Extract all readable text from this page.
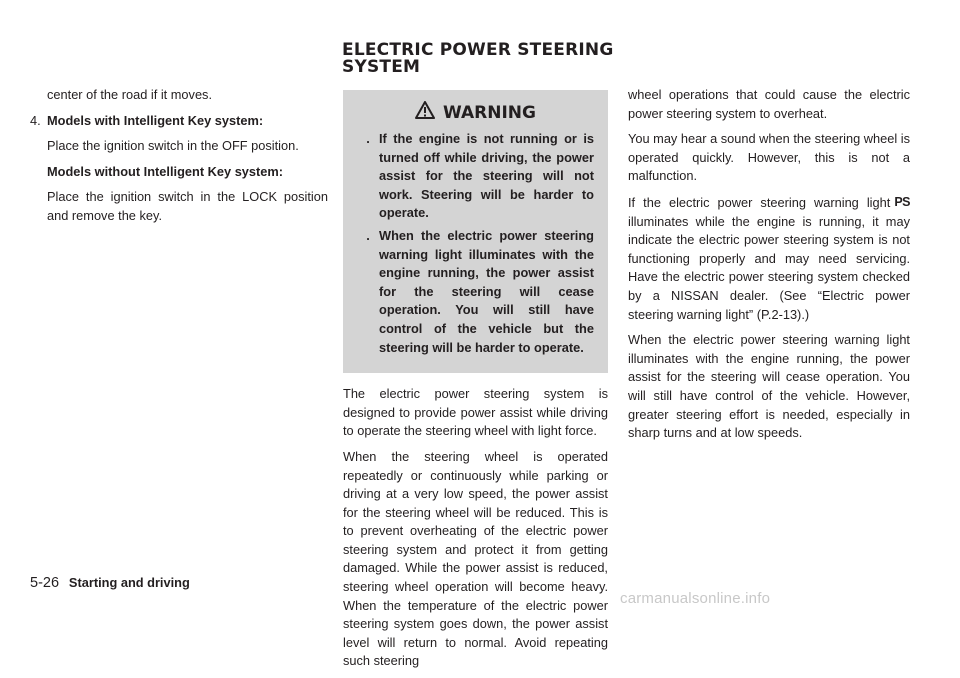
ELECTRIC POWER STEERING SYSTEM

center of the road if it moves.

4. Models with Intelligent Key system:

Place the ignition switch in the OFF position.

Models without Intelligent Key system:

Place the ignition switch in the LOCK position and remove the key.

WARNING
. If the engine is not running or is turned off while driving, the power assist for the steering will not work. Steering will be harder to operate.
. When the electric power steering warning light illuminates with the engine running, the power assist for the steering will cease operation. You will still have control of the vehicle but the steering will be harder to operate.

The electric power steering system is designed to provide power assist while driving to operate the steering wheel with light force.

When the steering wheel is operated repeatedly or continuously while parking or driving at a very low speed, the power assist for the steering wheel will be reduced. This is to prevent overheating of the electric power steering system and protect it from getting damaged. While the power assist is reduced, steering wheel operation will become heavy. When the temperature of the electric power steering system goes down, the power assist level will return to normal. Avoid repeating such steering

wheel operations that could cause the electric power steering system to overheat.

You may hear a sound when the steering wheel is operated quickly. However, this is not a malfunction.

If the electric power steering warning light PS illuminates while the engine is running, it may indicate the electric power steering system is not functioning properly and may need servicing. Have the electric power steering system checked by a NISSAN dealer. (See “Electric power steering warning light” (P.2-13).)

When the electric power steering warning light illuminates with the engine running, the power assist for the steering will cease operation. You will still have control of the vehicle. However, greater steering effort is needed, especially in sharp turns and at low speeds.

5-26 Starting and driving
carmanualsonline.info
